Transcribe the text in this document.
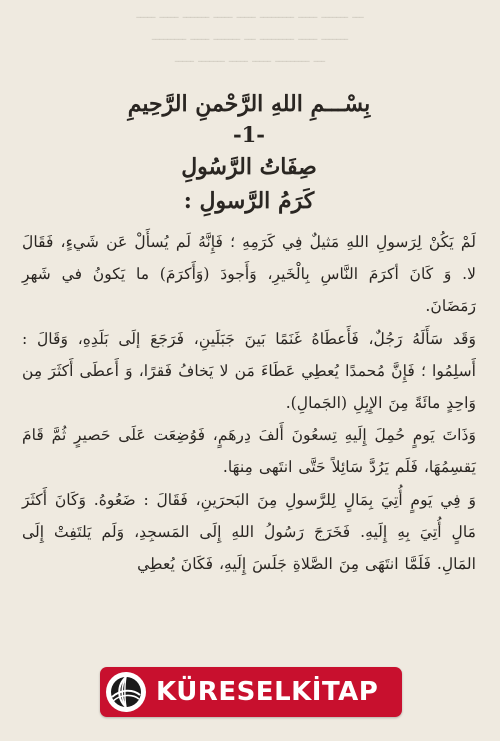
ـــ ـــــــ ـــــ ـــــــــ ـــــ ـــــ ـــــــ ـــــ ـــــ
ـــــــ ـــــ ـــــــــ ـــ ـــــــ ـــــ ـــــــــ
ـــ ـــــــــ ـــــ ـــــ ـــــــ ـــــ
بِسْـــمِ اللهِ الرَّحْمنِ الرَّحِيمِ
-1-
صِفَاتُ الرَّسُولِ
كَرَمُ الرَّسولِ :

لَمْ يَكُنْ لِرَسولِ اللهِ مَثيلٌ فِي كَرَمِهِ ؛ فَإِنَّهُ لَم يُسأَلْ عَن شَيءٍ، فَقَالَ لا. وَ كَانَ أكرَمَ النَّاسِ بِالْخَيرِ، وَأَجودَ (وَأَكرَمَ) ما يَكونُ في شَهرِ رَمَضَانَ.

وَقَد سَأَلَهُ رَجُلٌ، فَأَعطَاهُ غَنَمًا بَينَ جَبَلَينِ، فَرَجَعَ إلَى بَلَدِهِ، وَقَالَ : أَسلِمُوا ؛ فَإِنَّ مُحمدًا يُعطِي عَطَاءَ مَن لا يَخافُ فَقرًا، وَ أَعطَى أَكثَرَ مِن وَاحِدٍ مائَةً مِنَ الإِبِلِ (الجَمالِ).

وَذَاتَ يَومٍ حُمِلَ إِلَيهِ تِسعُونَ أَلفَ دِرهَمٍ، فَوُضِعَت عَلَى حَصيرٍ ثُمَّ قَامَ يَقسِمُهَا، فَلَم يَرُدَّ سَائِلاً حَتَّى انتَهى مِنهَا.

وَ فِي يَومٍ أُتِيَ بِمَالٍ لِلرَّسولِ مِنَ البَحرَينِ، فَقَالَ : ضَعُوهُ. وَكَانَ أَكثَرَ مَالٍ أُتِيَ بِهِ إِلَيهِ. فَخَرَجَ رَسُولُ اللهِ إِلَى المَسجِدِ، وَلَم يَلتَفِتْ إِلَى المَالِ. فَلَمَّا انتَهَى مِنَ الصَّلاةِ جَلَسَ إِلَيهِ، فَكَانَ يُعطِي

KÜRESELKİTAP
